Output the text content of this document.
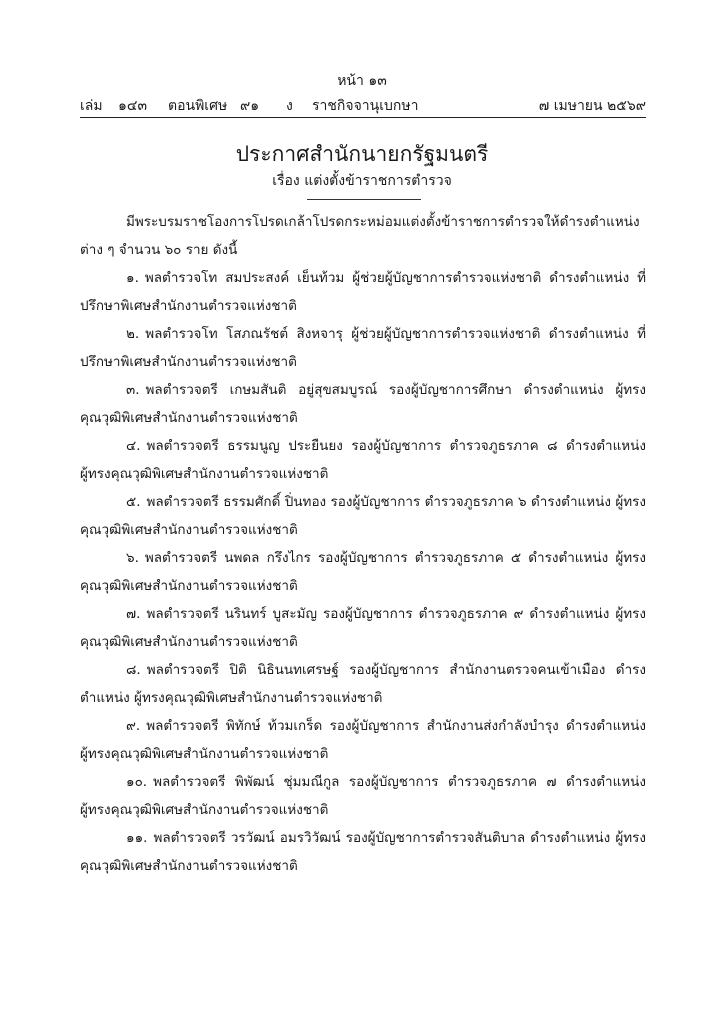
หน้า ๑๓
เล่ม ๑๔๓ ตอนพิเศษ ๙๑ ง ราชกิจจานุเบกษา	๗ เมษายน ๒๕๖๙
ประกาศสำนักนายกรัฐมนตรี
เรื่อง แต่งตั้งข้าราชการตำรวจ
มีพระบรมราชโองการโปรดเกล้าโปรดกระหม่อมแต่งตั้งข้าราชการตำรวจให้ดำรงตำแหน่งต่าง ๆ จำนวน ๖๐ ราย ดังนี้
๑. พลตำรวจโท สมประสงค์ เย็นท้วม ผู้ช่วยผู้บัญชาการตำรวจแห่งชาติ ดำรงตำแหน่ง ที่ปรึกษาพิเศษสำนักงานตำรวจแห่งชาติ
๒. พลตำรวจโท โสภณรัชต์ สิงหจารุ ผู้ช่วยผู้บัญชาการตำรวจแห่งชาติ ดำรงตำแหน่ง ที่ปรึกษาพิเศษสำนักงานตำรวจแห่งชาติ
๓. พลตำรวจตรี เกษมสันติ อยู่สุขสมบูรณ์ รองผู้บัญชาการศึกษา ดำรงตำแหน่ง ผู้ทรงคุณวุฒิพิเศษสำนักงานตำรวจแห่งชาติ
๔. พลตำรวจตรี ธรรมนูญ ประยืนยง รองผู้บัญชาการ ตำรวจภูธรภาค ๘ ดำรงตำแหน่ง ผู้ทรงคุณวุฒิพิเศษสำนักงานตำรวจแห่งชาติ
๕. พลตำรวจตรี ธรรมศักดิ์ ปิ่นทอง รองผู้บัญชาการ ตำรวจภูธรภาค ๖ ดำรงตำแหน่ง ผู้ทรงคุณวุฒิพิเศษสำนักงานตำรวจแห่งชาติ
๖. พลตำรวจตรี นพดล กรึงไกร รองผู้บัญชาการ ตำรวจภูธรภาค ๕ ดำรงตำแหน่ง ผู้ทรงคุณวุฒิพิเศษสำนักงานตำรวจแห่งชาติ
๗. พลตำรวจตรี นรินทร์ บูสะมัญ รองผู้บัญชาการ ตำรวจภูธรภาค ๙ ดำรงตำแหน่ง ผู้ทรงคุณวุฒิพิเศษสำนักงานตำรวจแห่งชาติ
๘. พลตำรวจตรี ปิติ นิธินนทเศรษฐ์ รองผู้บัญชาการ สำนักงานตรวจคนเข้าเมือง ดำรงตำแหน่ง ผู้ทรงคุณวุฒิพิเศษสำนักงานตำรวจแห่งชาติ
๙. พลตำรวจตรี พิทักษ์ ท้วมเกร็ด รองผู้บัญชาการ สำนักงานส่งกำลังบำรุง ดำรงตำแหน่ง ผู้ทรงคุณวุฒิพิเศษสำนักงานตำรวจแห่งชาติ
๑๐. พลตำรวจตรี พิพัฒน์ ชุ่มมณีกูล รองผู้บัญชาการ ตำรวจภูธรภาค ๗ ดำรงตำแหน่ง ผู้ทรงคุณวุฒิพิเศษสำนักงานตำรวจแห่งชาติ
๑๑. พลตำรวจตรี วรวัฒน์ อมรวิวัฒน์ รองผู้บัญชาการตำรวจสันติบาล ดำรงตำแหน่ง ผู้ทรงคุณวุฒิพิเศษสำนักงานตำรวจแห่งชาติ
